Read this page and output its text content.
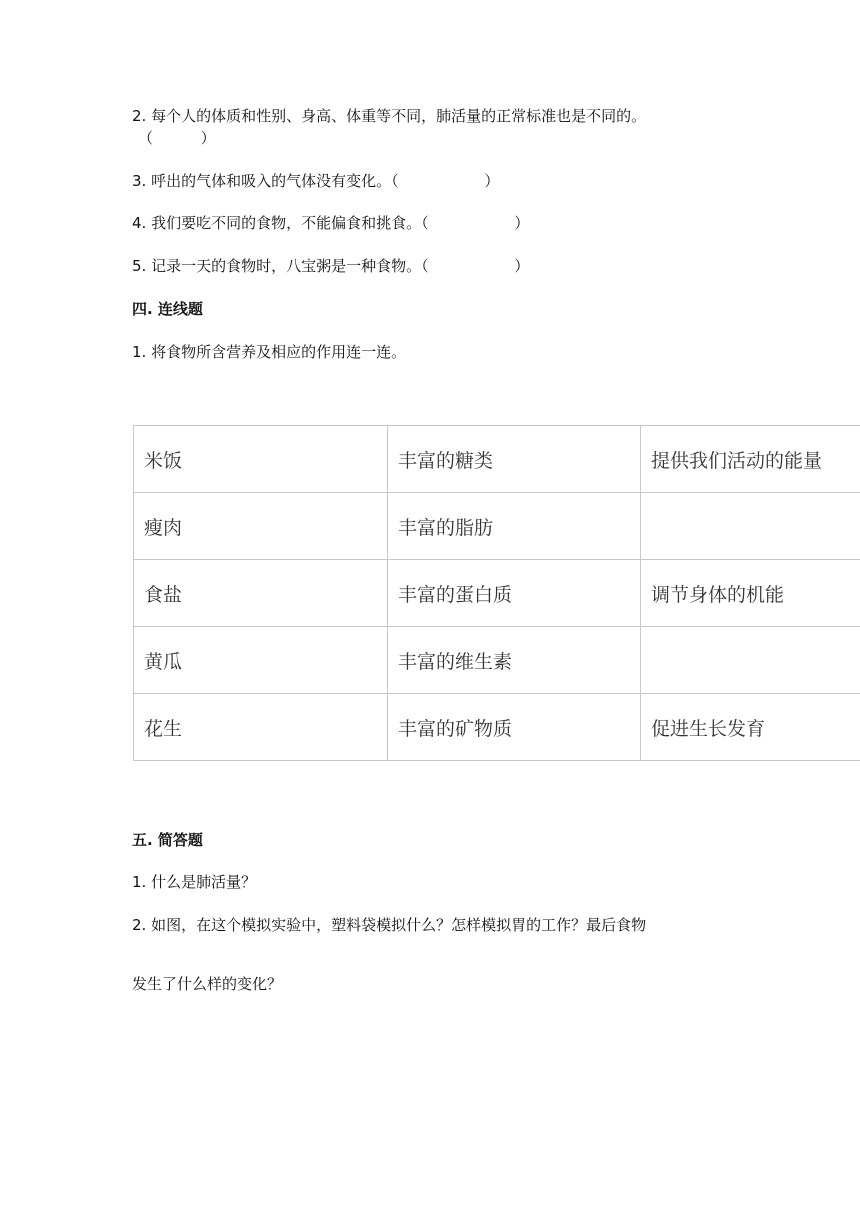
2. 每个人的体质和性别、身高、体重等不同，肺活量的正常标准也是不同的。
（          ）
3. 呼出的气体和吸入的气体没有变化。（                  ）
4. 我们要吃不同的食物，不能偏食和挑食。（                  ）
5. 记录一天的食物时，八宝粥是一种食物。（                  ）
四. 连线题
1. 将食物所含营养及相应的作用连一连。
米饭	丰富的糖类	提供我们活动的能量
瘦肉	丰富的脂肪	
食盐	丰富的蛋白质	调节身体的机能
黄瓜	丰富的维生素	
花生	丰富的矿物质	促进生长发育
五. 简答题
1. 什么是肺活量？
2. 如图，在这个模拟实验中，塑料袋模拟什么？怎样模拟胃的工作？最后食物
发生了什么样的变化？
